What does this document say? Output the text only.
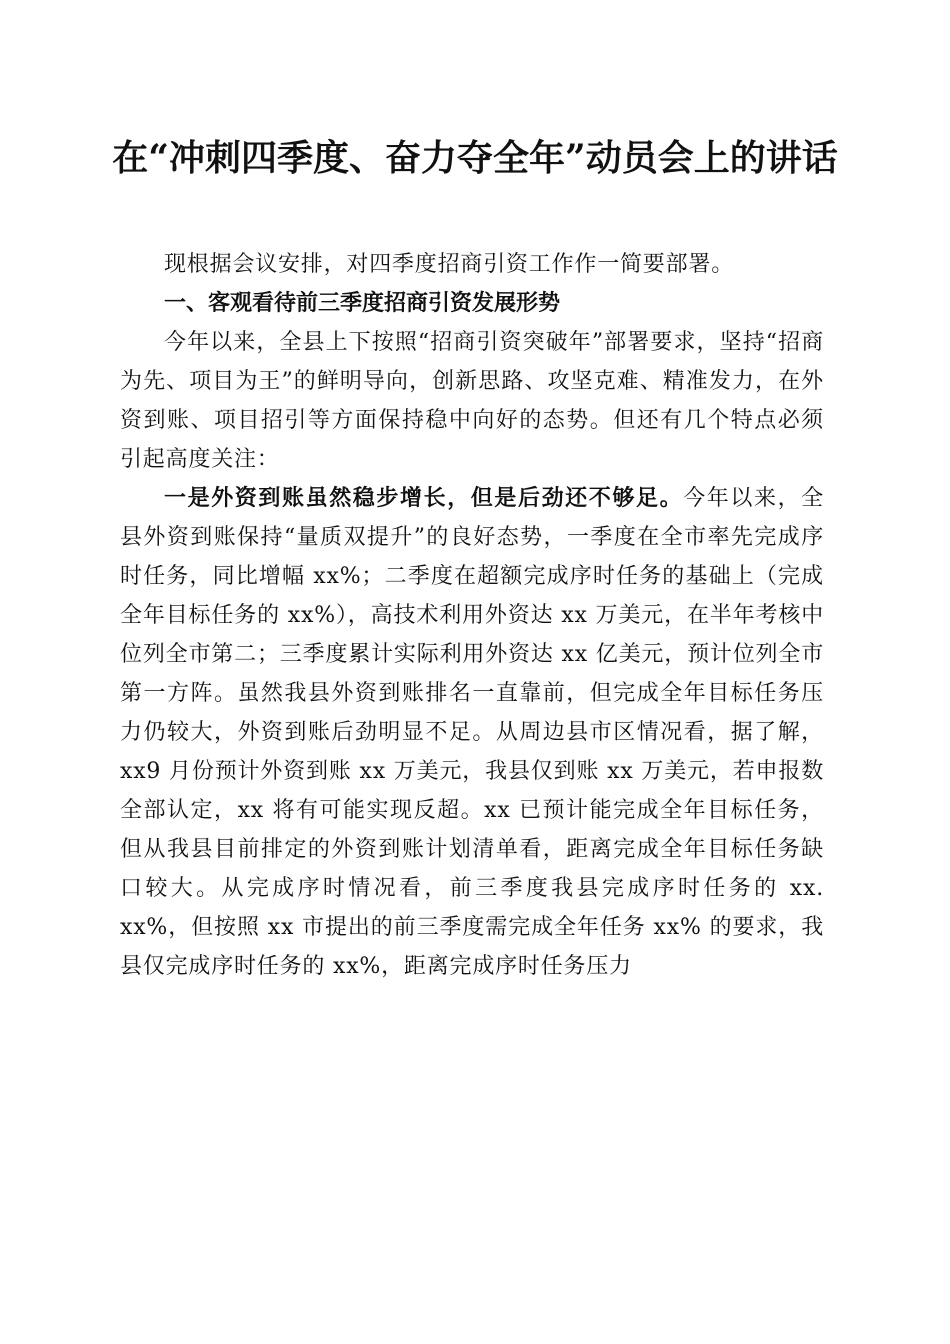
在“冲刺四季度、奋力夺全年”动员会上的讲话

现根据会议安排，对四季度招商引资工作作一简要部署。

一、客观看待前三季度招商引资发展形势

今年以来，全县上下按照“招商引资突破年”部署要求，坚持“招商为先、项目为王”的鲜明导向，创新思路、攻坚克难、精准发力，在外资到账、项目招引等方面保持稳中向好的态势。但还有几个特点必须引起高度关注：

一是外资到账虽然稳步增长，但是后劲还不够足。今年以来，全县外资到账保持“量质双提升”的良好态势，一季度在全市率先完成序时任务，同比增幅 xx%；二季度在超额完成序时任务的基础上（完成全年目标任务的 xx%），高技术利用外资达 xx 万美元，在半年考核中位列全市第二；三季度累计实际利用外资达 xx 亿美元，预计位列全市第一方阵。虽然我县外资到账排名一直靠前，但完成全年目标任务压力仍较大，外资到账后劲明显不足。从周边县市区情况看，据了解，xx9 月份预计外资到账 xx 万美元，我县仅到账 xx 万美元，若申报数全部认定，xx 将有可能实现反超。xx 已预计能完成全年目标任务，但从我县目前排定的外资到账计划清单看，距离完成全年目标任务缺口较大。从完成序时情况看，前三季度我县完成序时任务的 xx. xx%，但按照 xx 市提出的前三季度需完成全年任务 xx% 的要求，我县仅完成序时任务的 xx%，距离完成序时任务压力
